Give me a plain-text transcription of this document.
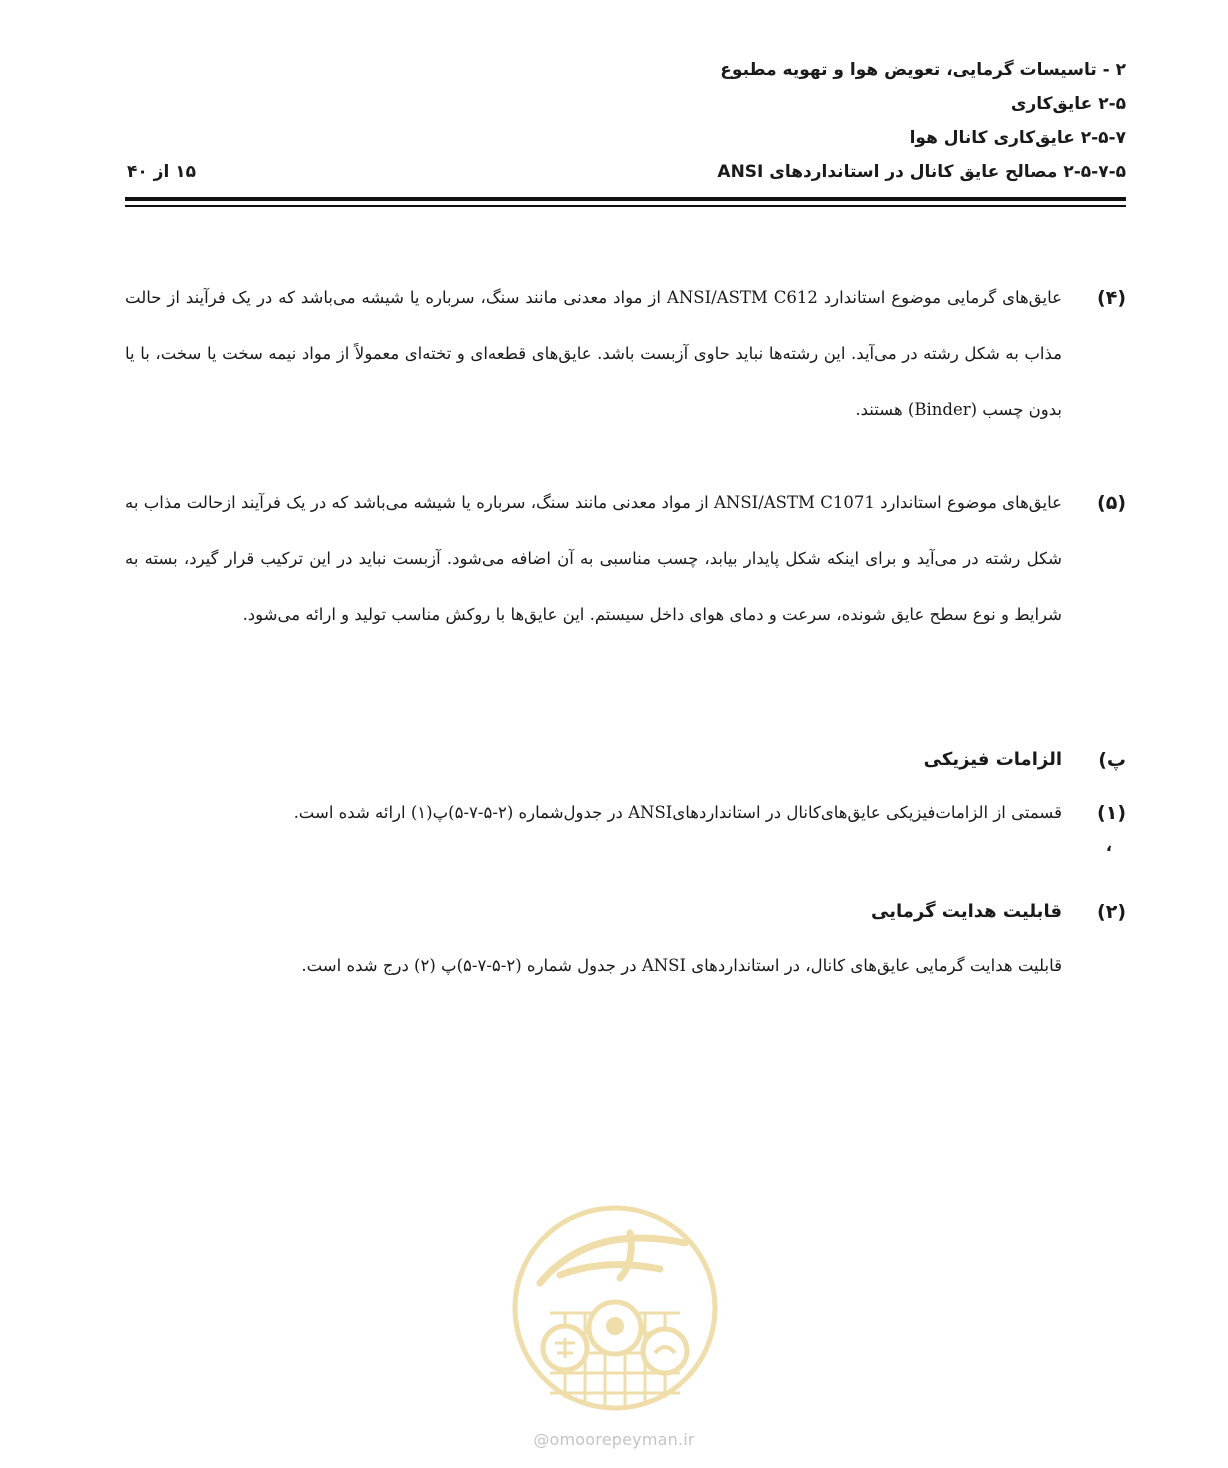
۲ - تاسیسات گرمایی، تعویض هوا و تهویه مطبوع
۲-۵ عایق‌کاری
۲-۵-۷ عایق‌کاری کانال هوا
۲-۵-۷-۵ مصالح عایق کانال در استانداردهای ANSI
۱۵ از ۴۰
(۴)
عایق‌های گرمایی موضوع استاندارد ANSI/ASTM C612 از مواد معدنی مانند سنگ، سرباره یا شیشه می‌باشد که در یک فرآیند از حالت مذاب به شکل رشته در می‌آید. این رشته‌ها نباید حاوی آزبست باشد. عایق‌های قطعه‌ای و تخته‌ای معمولاً از مواد نیمه سخت یا سخت، با یا بدون چسب (Binder) هستند.
(۵)
عایق‌های موضوع استاندارد ANSI/ASTM C1071 از مواد معدنی مانند سنگ، سرباره یا شیشه می‌باشد که در یک فرآیند ازحالت مذاب به شکل رشته در می‌آید و برای اینکه شکل پایدار بیابد، چسب مناسبی به آن اضافه می‌شود. آزبست نباید در این ترکیب قرار گیرد، بسته به شرایط و نوع سطح عایق شونده، سرعت و دمای هوای داخل سیستم. این عایق‌ها با روکش مناسب تولید و ارائه می‌شود.
پ)
الزامات فیزیکی
(۱)
قسمتی از الزامات‌فیزیکی عایق‌های‌کانال در استانداردهایANSI در جدول‌شماره (۲-۵-۷-۵)پ‌(۱) ارائه شده است.
،
(۲)
قابلیت هدایت گرمایی
قابلیت هدایت گرمایی عایق‌های کانال، در استانداردهای ANSI در جدول شماره (۲-۵-۷-۵)پ (۲) درج شده است.
@omoorepeyman.ir
